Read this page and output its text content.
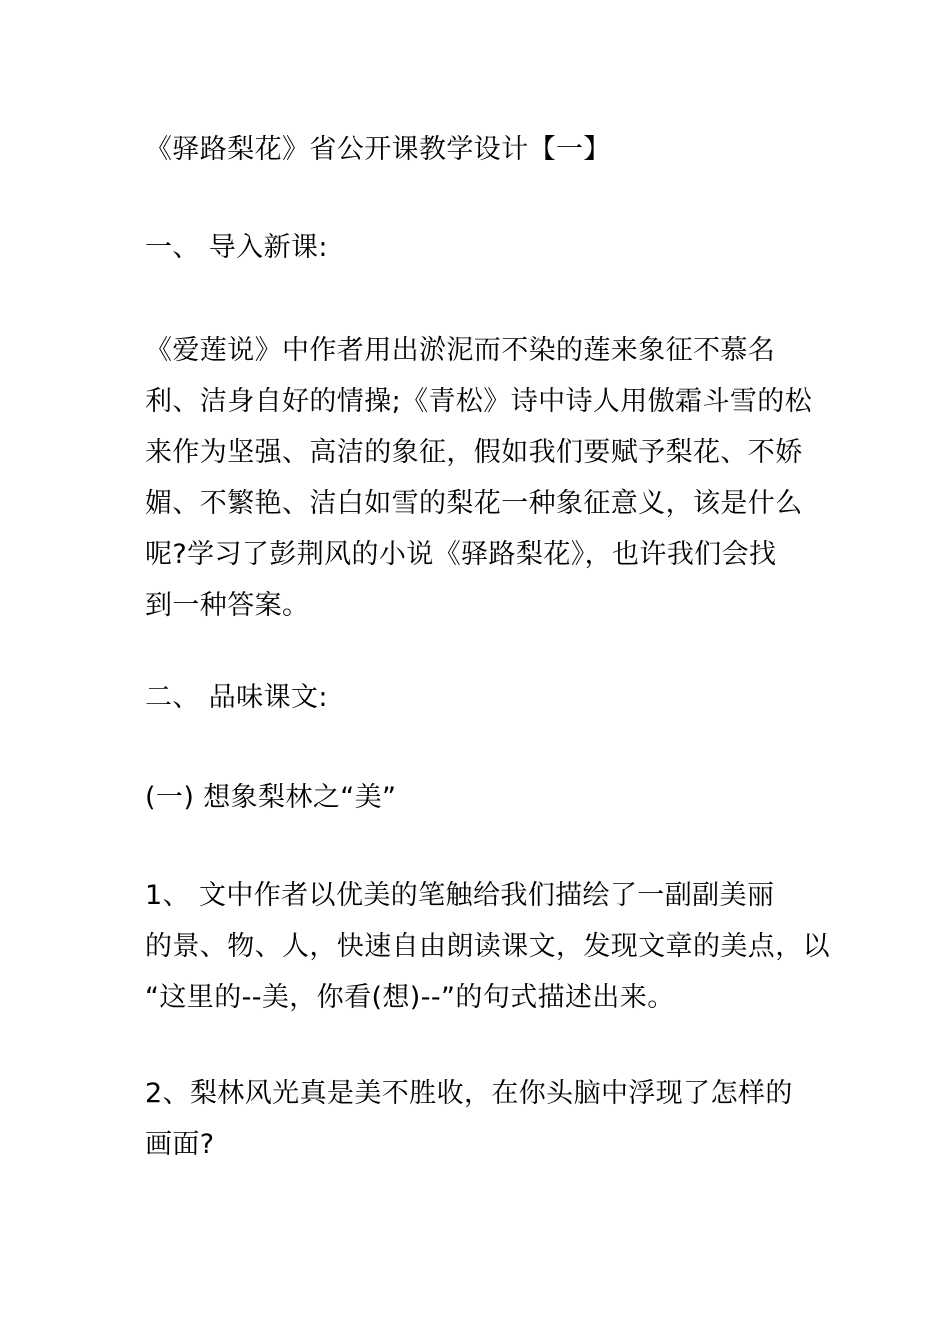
《驿路梨花》省公开课教学设计【一】
一、 导入新课:
《爱莲说》中作者用出淤泥而不染的莲来象征不慕名
利、洁身自好的情操;《青松》诗中诗人用傲霜斗雪的松
来作为坚强、高洁的象征，假如我们要赋予梨花、不娇
媚、不繁艳、洁白如雪的梨花一种象征意义，该是什么
呢?学习了彭荆风的小说《驿路梨花》，也许我们会找
到一种答案。
二、 品味课文:
(一) 想象梨林之“美”
1、 文中作者以优美的笔触给我们描绘了一副副美丽
的景、物、人，快速自由朗读课文，发现文章的美点，以
“这里的--美，你看(想)--”的句式描述出来。
2、梨林风光真是美不胜收，在你头脑中浮现了怎样的
画面?
